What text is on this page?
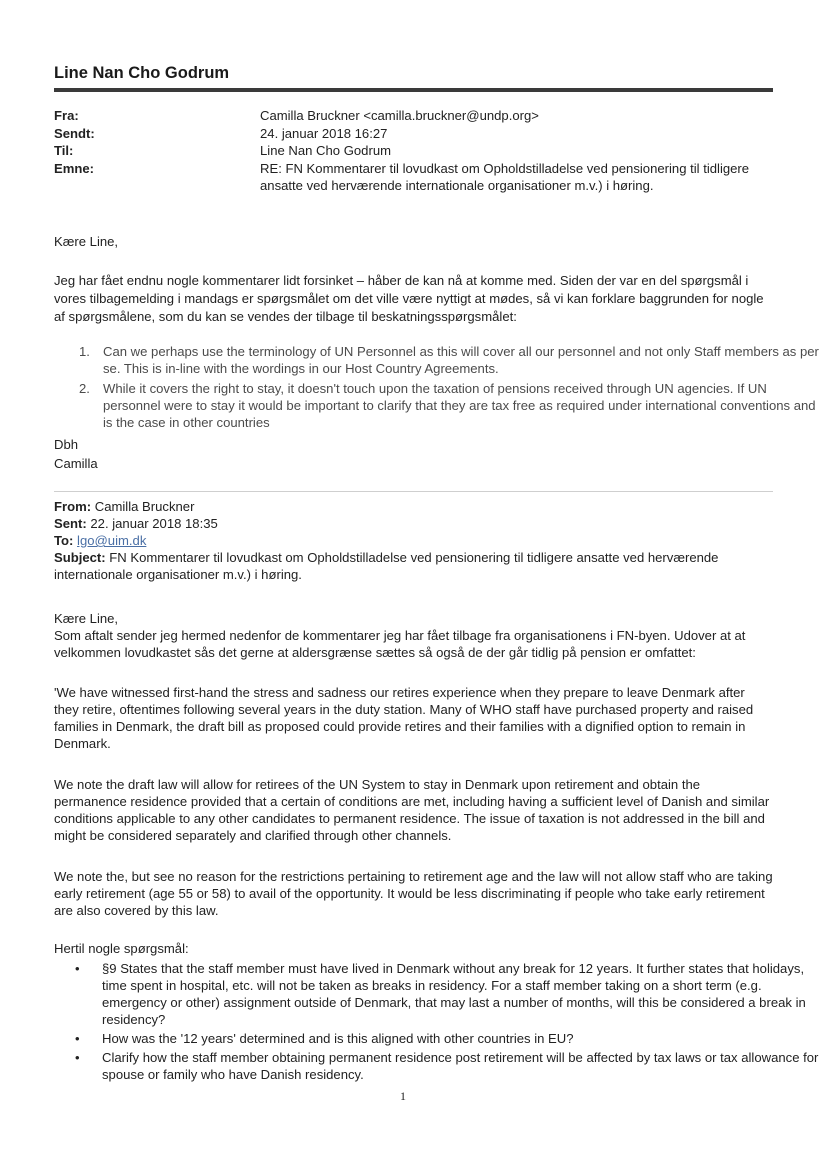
Line Nan Cho Godrum
Fra:	Camilla Bruckner <camilla.bruckner@undp.org>
Sendt:	24. januar 2018 16:27
Til:	Line Nan Cho Godrum
Emne:	RE: FN Kommentarer til lovudkast om Opholdstilladelse ved pensionering til tidligere ansatte ved herværende internationale organisationer m.v.) i høring.

Kære Line,

Jeg har fået endnu nogle kommentarer lidt forsinket – håber de kan nå at komme med. Siden der var en del spørgsmål i vores tilbagemelding i mandags er spørgsmålet om det ville være nyttigt at mødes, så vi kan forklare baggrunden for nogle af spørgsmålene, som du kan se vendes der tilbage til beskatningsspørgsmålet:

1. Can we perhaps use the terminology of UN Personnel as this will cover all our personnel and not only Staff members as per se. This is in-line with the wordings in our Host Country Agreements.
2. While it covers the right to stay, it doesn't touch upon the taxation of pensions received through UN agencies. If UN personnel were to stay it would be important to clarify that they are tax free as required under international conventions and is the case in other countries

Dbh

Camilla

From: Camilla Bruckner

Sent: 22. januar 2018 18:35

To: lgo@uim.dk

Subject: FN Kommentarer til lovudkast om Opholdstilladelse ved pensionering til tidligere ansatte ved herværende internationale organisationer m.v.) i høring.

Kære Line,

Som aftalt sender jeg hermed nedenfor de kommentarer jeg har fået tilbage fra organisationens i FN-byen. Udover at at velkommen lovudkastet sås det gerne at aldersgrænse sættes så også de der går tidlig på pension er omfattet:

'We have witnessed first-hand the stress and sadness our retires experience when they prepare to leave Denmark after they retire, oftentimes following several years in the duty station. Many of WHO staff have purchased property and raised families in Denmark, the draft bill as proposed could provide retires and their families with a dignified option to remain in Denmark.

We note the draft law will allow for retirees of the UN System to stay in Denmark upon retirement and obtain the permanence residence provided that a certain of conditions are met, including having a sufficient level of Danish and similar conditions applicable to any other candidates to permanent residence. The issue of taxation is not addressed in the bill and might be considered separately and clarified through other channels.

We note the, but see no reason for the restrictions pertaining to retirement age and the law will not allow staff who are taking early retirement (age 55 or 58) to avail of the opportunity. It would be less discriminating if people who take early retirement are also covered by this law.

Hertil nogle spørgsmål:

• §9 States that the staff member must have lived in Denmark without any break for 12 years. It further states that holidays, time spent in hospital, etc. will not be taken as breaks in residency. For a staff member taking on a short term (e.g. emergency or other) assignment outside of Denmark, that may last a number of months, will this be considered a break in residency?
• How was the '12 years' determined and is this aligned with other countries in EU?
• Clarify how the staff member obtaining permanent residence post retirement will be affected by tax laws or tax allowance for spouse or family who have Danish residency.
1
